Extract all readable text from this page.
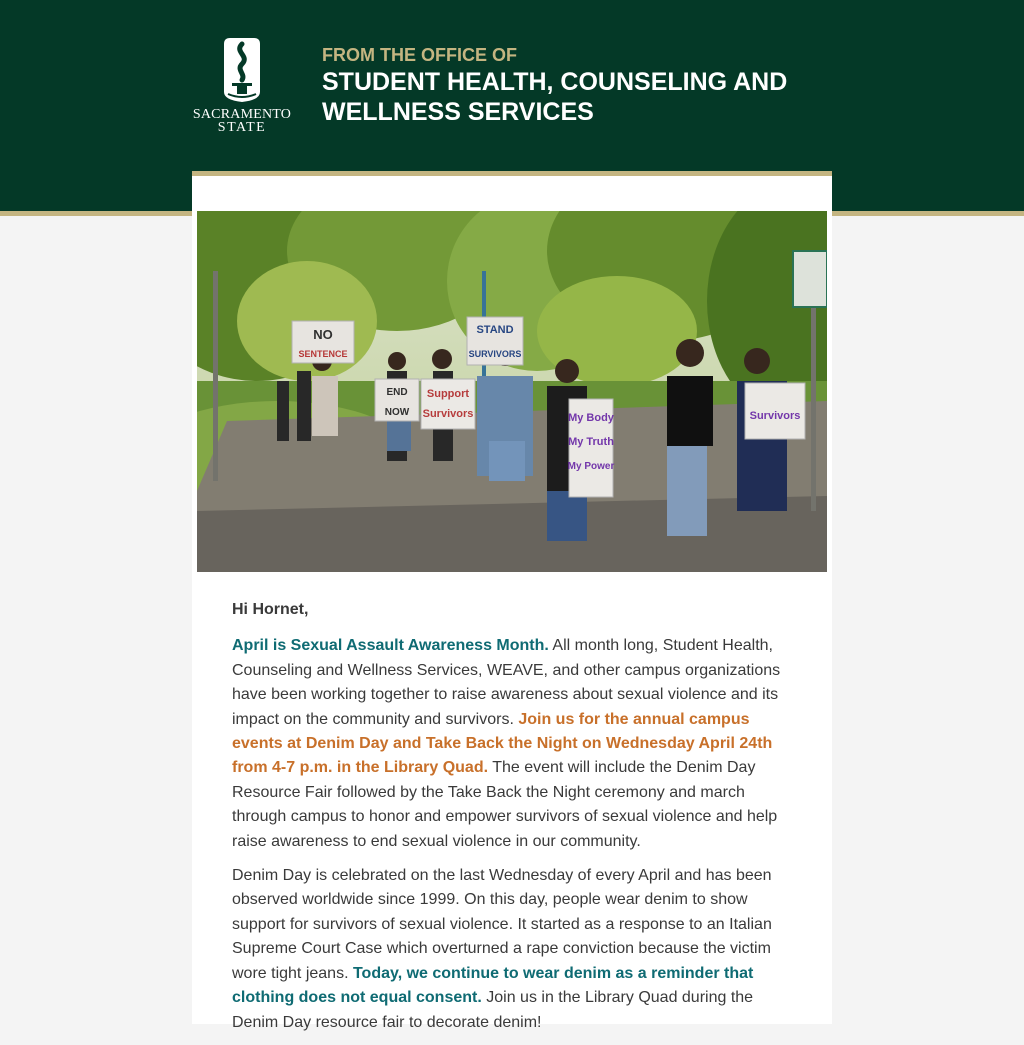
SACRAMENTO
STATE
FROM THE OFFICE OF
STUDENT HEALTH, COUNSELING AND WELLNESS SERVICES
NO
SENTENCE
STAND
SURVIVORS
END
NOW
Support
Survivors	My Body
My Truth
My Power
Survivors

Hi Hornet,

April is Sexual Assault Awareness Month. All month long, Student Health, Counseling and Wellness Services, WEAVE, and other campus organizations have been working together to raise awareness about sexual violence and its impact on the community and survivors. Join us for the annual campus events at Denim Day and Take Back the Night on Wednesday April 24th from 4-7 p.m. in the Library Quad. The event will include the Denim Day Resource Fair followed by the Take Back the Night ceremony and march through campus to honor and empower survivors of sexual violence and help raise awareness to end sexual violence in our community.

Denim Day is celebrated on the last Wednesday of every April and has been observed worldwide since 1999. On this day, people wear denim to show support for survivors of sexual violence. It started as a response to an Italian Supreme Court Case which overturned a rape conviction because the victim wore tight jeans. Today, we continue to wear denim as a reminder that clothing does not equal consent. Join us in the Library Quad during the Denim Day resource fair to decorate denim!
